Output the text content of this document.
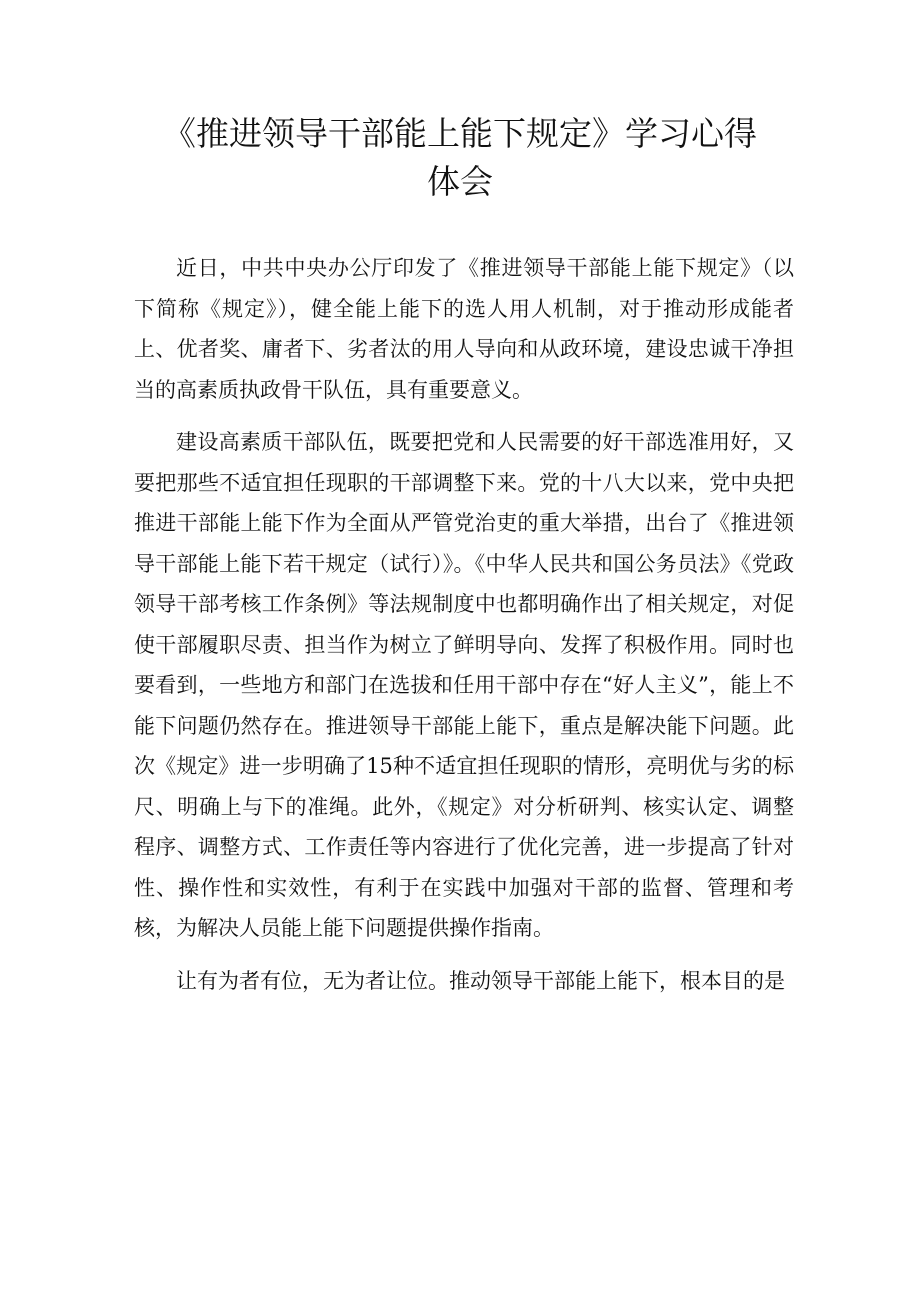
《推进领导干部能上能下规定》学习心得
体会

近日，中共中央办公厅印发了《推进领导干部能上能下规定》（以下简称《规定》），健全能上能下的选人用人机制，对于推动形成能者上、优者奖、庸者下、劣者汰的用人导向和从政环境，建设忠诚干净担当的高素质执政骨干队伍，具有重要意义。

建设高素质干部队伍，既要把党和人民需要的好干部选准用好，又要把那些不适宜担任现职的干部调整下来。党的十八大以来，党中央把推进干部能上能下作为全面从严管党治吏的重大举措，出台了《推进领导干部能上能下若干规定（试行）》。《中华人民共和国公务员法》《党政领导干部考核工作条例》等法规制度中也都明确作出了相关规定，对促使干部履职尽责、担当作为树立了鲜明导向、发挥了积极作用。同时也要看到，一些地方和部门在选拔和任用干部中存在“好人主义”，能上不能下问题仍然存在。推进领导干部能上能下，重点是解决能下问题。此次《规定》进一步明确了15种不适宜担任现职的情形，亮明优与劣的标尺、明确上与下的准绳。此外，《规定》对分析研判、核实认定、调整程序、调整方式、工作责任等内容进行了优化完善，进一步提高了针对性、操作性和实效性，有利于在实践中加强对干部的监督、管理和考核，为解决人员能上能下问题提供操作指南。

让有为者有位，无为者让位。推动领导干部能上能下，根本目的是
